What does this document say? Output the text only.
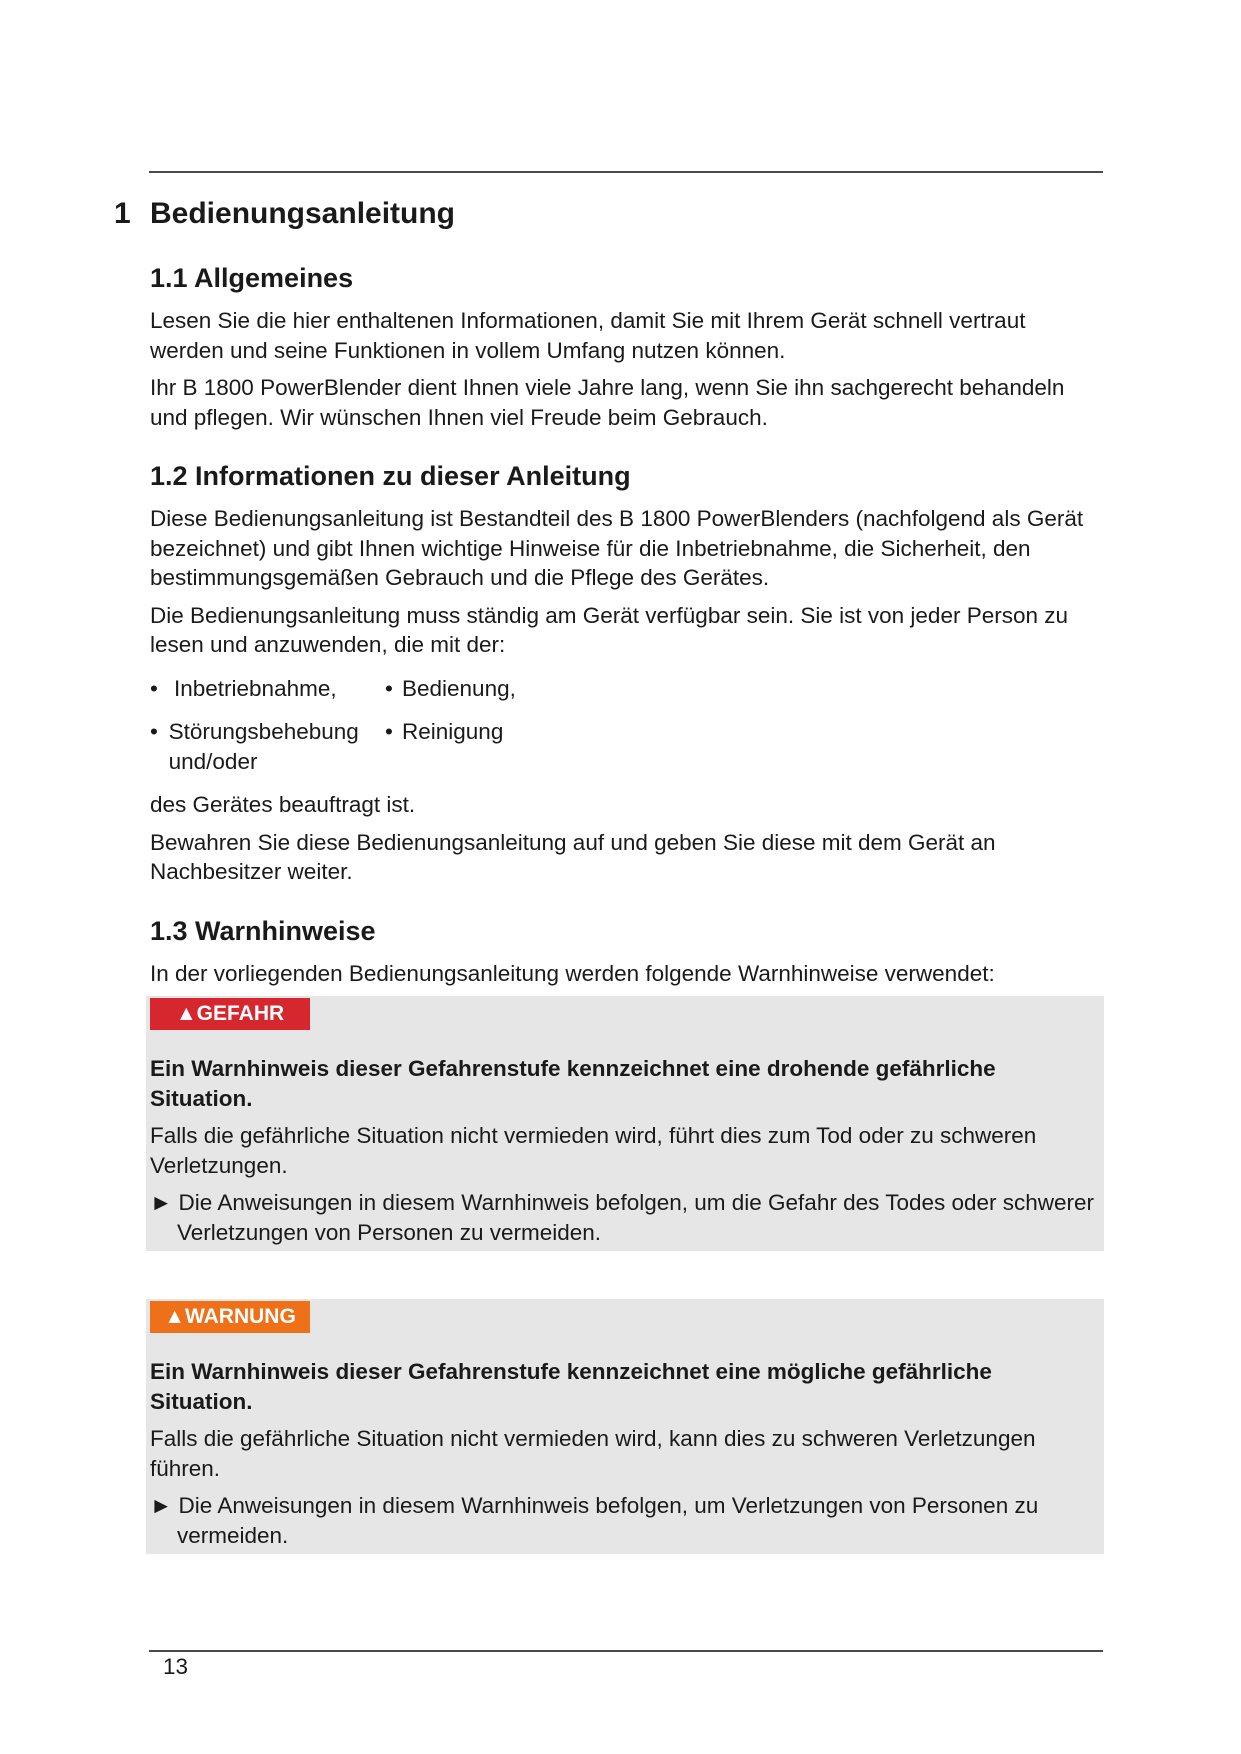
1 Bedienungsanleitung
1.1 Allgemeines

Lesen Sie die hier enthaltenen Informationen, damit Sie mit Ihrem Gerät schnell vertraut werden und seine Funktionen in vollem Umfang nutzen können.

Ihr B 1800 PowerBlender dient Ihnen viele Jahre lang, wenn Sie ihn sachgerecht behandeln und pflegen. Wir wünschen Ihnen viel Freude beim Gebrauch.

1.2 Informationen zu dieser Anleitung

Diese Bedienungsanleitung ist Bestandteil des B 1800 PowerBlenders (nachfolgend als Gerät bezeichnet) und gibt Ihnen wichtige Hinweise für die Inbetriebnahme, die Sicherheit, den bestimmungsgemäßen Gebrauch und die Pflege des Gerätes.

Die Bedienungsanleitung muss ständig am Gerät verfügbar sein. Sie ist von jeder Person zu lesen und anzuwenden, die mit der:

• Inbetriebnahme,
• Störungsbehebung und/oder
• Bedienung,
• Reinigung

des Gerätes beauftragt ist.

Bewahren Sie diese Bedienungsanleitung auf und geben Sie diese mit dem Gerät an Nachbesitzer weiter.

1.3 Warnhinweise

In der vorliegenden Bedienungsanleitung werden folgende Warnhinweise verwendet:

▲GEFAHR

Ein Warnhinweis dieser Gefahrenstufe kennzeichnet eine drohende gefährliche Situation.

Falls die gefährliche Situation nicht vermieden wird, führt dies zum Tod oder zu schweren Verletzungen.

► Die Anweisungen in diesem Warnhinweis befolgen, um die Gefahr des Todes oder schwerer Verletzungen von Personen zu vermeiden.

▲WARNUNG

Ein Warnhinweis dieser Gefahrenstufe kennzeichnet eine mögliche gefährliche Situation.

Falls die gefährliche Situation nicht vermieden wird, kann dies zu schweren Verletzungen führen.

► Die Anweisungen in diesem Warnhinweis befolgen, um Verletzungen von Personen zu vermeiden.

13
